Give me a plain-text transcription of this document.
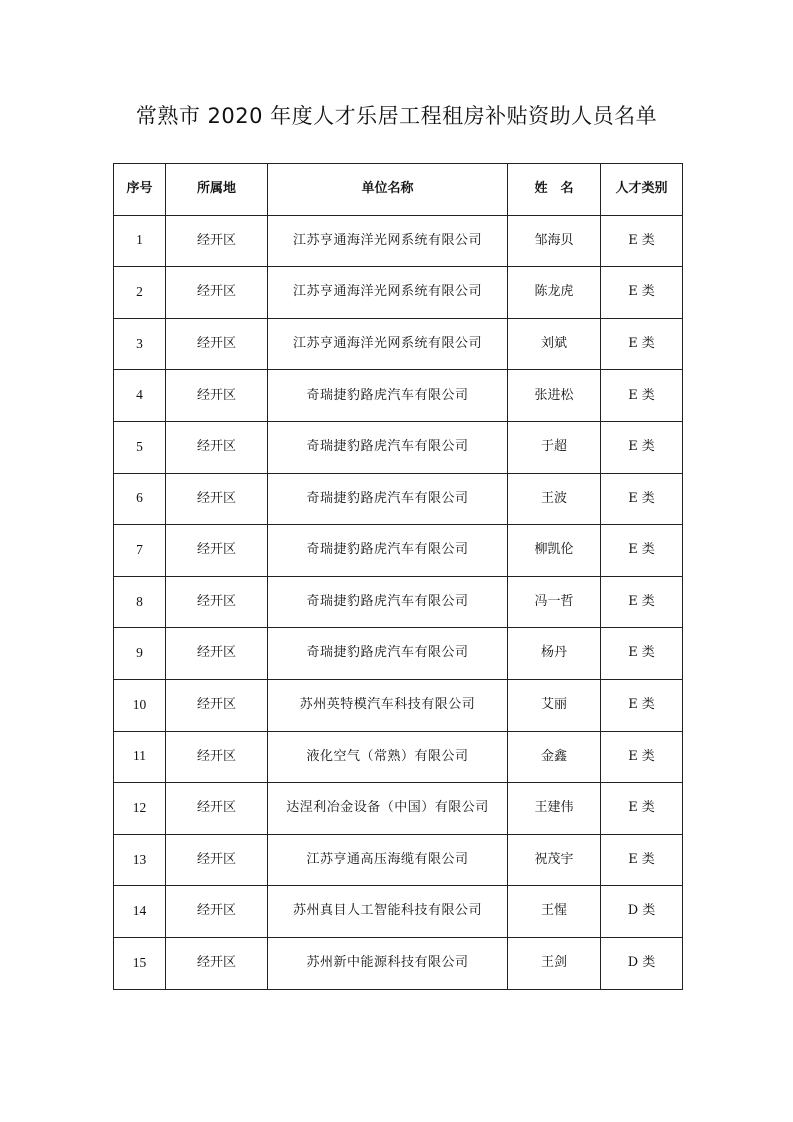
常熟市 2020 年度人才乐居工程租房补贴资助人员名单
序号	所属地	单位名称	姓　名	人才类别
1	经开区	江苏亨通海洋光网系统有限公司	邹海贝	E 类
2	经开区	江苏亨通海洋光网系统有限公司	陈龙虎	E 类
3	经开区	江苏亨通海洋光网系统有限公司	刘斌	E 类
4	经开区	奇瑞捷豹路虎汽车有限公司	张进松	E 类
5	经开区	奇瑞捷豹路虎汽车有限公司	于超	E 类
6	经开区	奇瑞捷豹路虎汽车有限公司	王波	E 类
7	经开区	奇瑞捷豹路虎汽车有限公司	柳凯伦	E 类
8	经开区	奇瑞捷豹路虎汽车有限公司	冯一哲	E 类
9	经开区	奇瑞捷豹路虎汽车有限公司	杨丹	E 类
10	经开区	苏州英特模汽车科技有限公司	艾丽	E 类
11	经开区	液化空气（常熟）有限公司	金鑫	E 类
12	经开区	达涅利冶金设备（中国）有限公司	王建伟	E 类
13	经开区	江苏亨通高压海缆有限公司	祝茂宇	E 类
14	经开区	苏州真目人工智能科技有限公司	王惺	D 类
15	经开区	苏州新中能源科技有限公司	王剑	D 类
